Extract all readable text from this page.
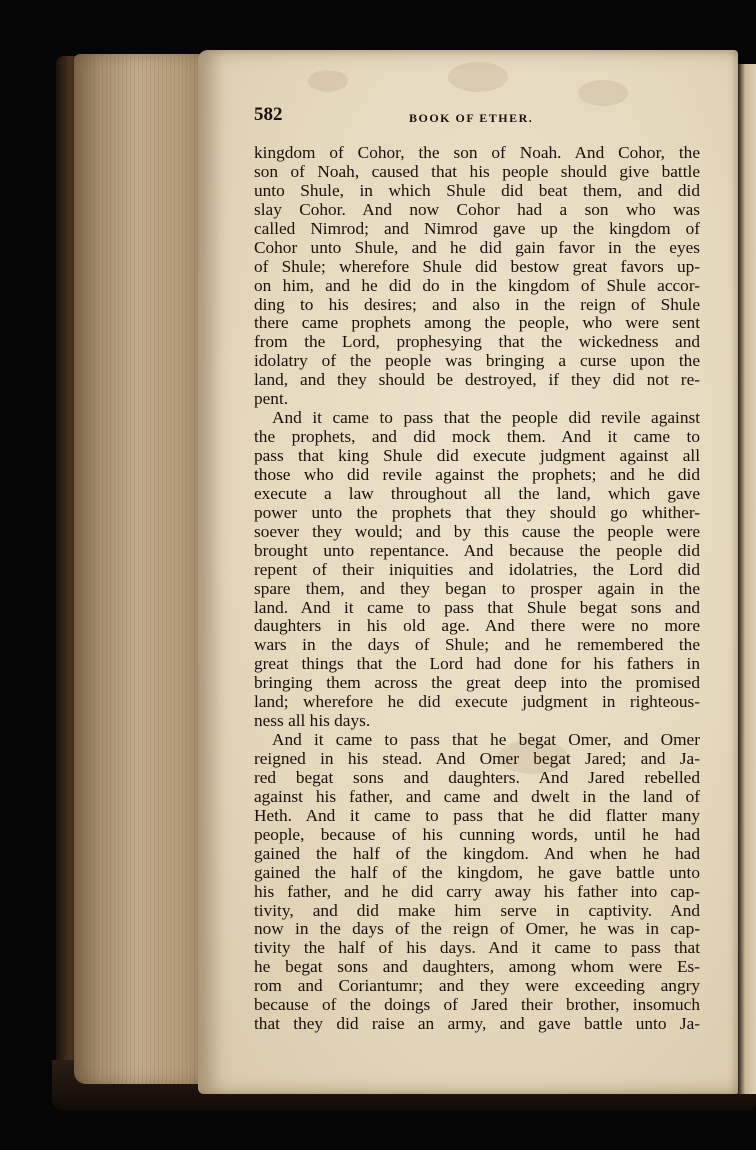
582	BOOK OF ETHER.
kingdom of Cohor, the son of Noah. And Cohor, the
son of Noah, caused that his people should give battle
unto Shule, in which Shule did beat them, and did
slay Cohor. And now Cohor had a son who was
called Nimrod; and Nimrod gave up the kingdom of
Cohor unto Shule, and he did gain favor in the eyes
of Shule; wherefore Shule did bestow great favors up-
on him, and he did do in the kingdom of Shule accor-
ding to his desires; and also in the reign of Shule
there came prophets among the people, who were sent
from the Lord, prophesying that the wickedness and
idolatry of the people was bringing a curse upon the
land, and they should be destroyed, if they did not re-
pent.
And it came to pass that the people did revile against
the prophets, and did mock them. And it came to
pass that king Shule did execute judgment against all
those who did revile against the prophets; and he did
execute a law throughout all the land, which gave
power unto the prophets that they should go whither-
soever they would; and by this cause the people were
brought unto repentance. And because the people did
repent of their iniquities and idolatries, the Lord did
spare them, and they began to prosper again in the
land. And it came to pass that Shule begat sons and
daughters in his old age. And there were no more
wars in the days of Shule; and he remembered the
great things that the Lord had done for his fathers in
bringing them across the great deep into the promised
land; wherefore he did execute judgment in righteous-
ness all his days.
And it came to pass that he begat Omer, and Omer
reigned in his stead. And Omer begat Jared; and Ja-
red begat sons and daughters. And Jared rebelled
against his father, and came and dwelt in the land of
Heth. And it came to pass that he did flatter many
people, because of his cunning words, until he had
gained the half of the kingdom. And when he had
gained the half of the kingdom, he gave battle unto
his father, and he did carry away his father into cap-
tivity, and did make him serve in captivity. And
now in the days of the reign of Omer, he was in cap-
tivity the half of his days. And it came to pass that
he begat sons and daughters, among whom were Es-
rom and Coriantumr; and they were exceeding angry
because of the doings of Jared their brother, insomuch
that they did raise an army, and gave battle unto Ja-
